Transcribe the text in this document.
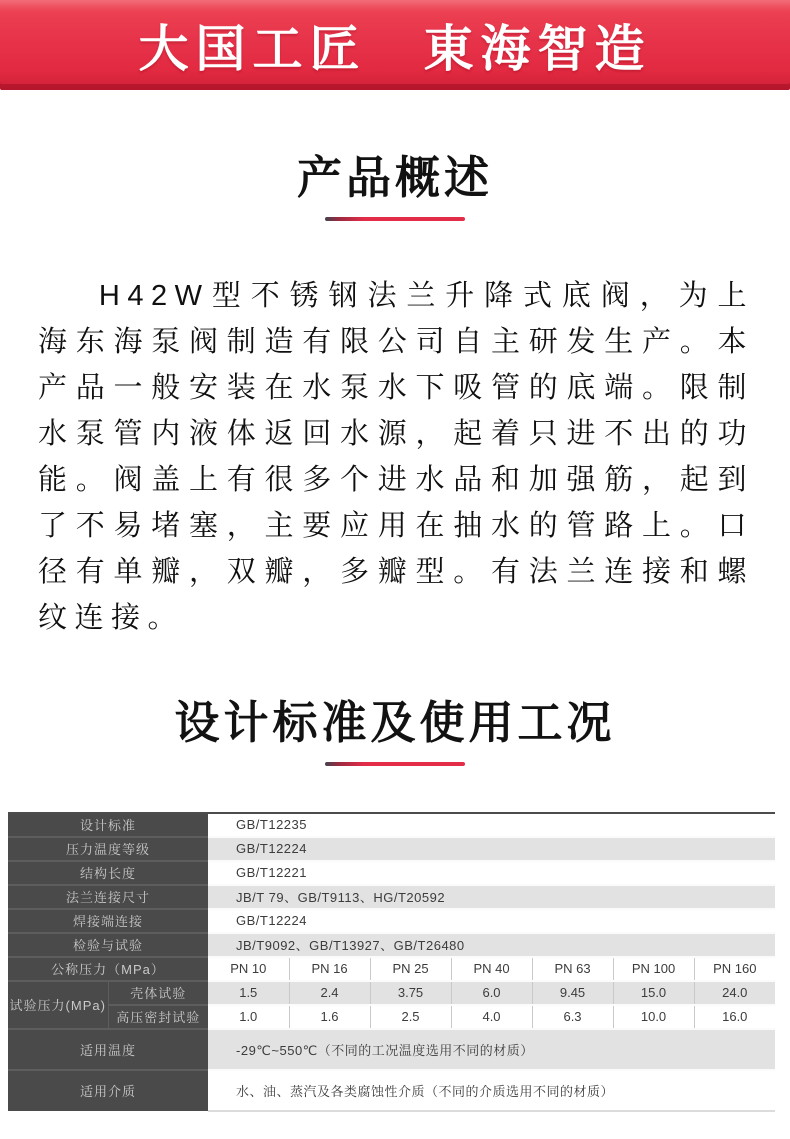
大国工匠　東海智造
产品概述

H42W型不锈钢法兰升降式底阀，为上海东海泵阀制造有限公司自主研发生产。本产品一般安装在水泵水下吸管的底端。限制水泵管内液体返回水源，起着只进不出的功能。阀盖上有很多个进水品和加强筋，起到了不易堵塞，主要应用在抽水的管路上。口径有单瓣，双瓣，多瓣型。有法兰连接和螺纹连接。

设计标准及使用工况
设计标准		GB/T12235						
压力温度等级		GB/T12224						
结构长度		GB/T12221						
法兰连接尺寸		JB/T 79、GB/T9113、HG/T20592						
焊接端连接		GB/T12224						
检验与试验		JB/T9092、GB/T13927、GB/T26480						
公称压力（MPa）		PN 10	PN 16	PN 25	PN 40	PN 63	PN 100	PN 160
试验压力(MPa)	壳体试验	1.5	2.4	3.75	6.0	9.45	15.0	24.0
	高压密封试验	1.0	1.6	2.5	4.0	6.3	10.0	16.0
适用温度		-29℃~550℃（不同的工况温度选用不同的材质）						
适用介质		水、油、蒸汽及各类腐蚀性介质（不同的介质选用不同的材质）						
